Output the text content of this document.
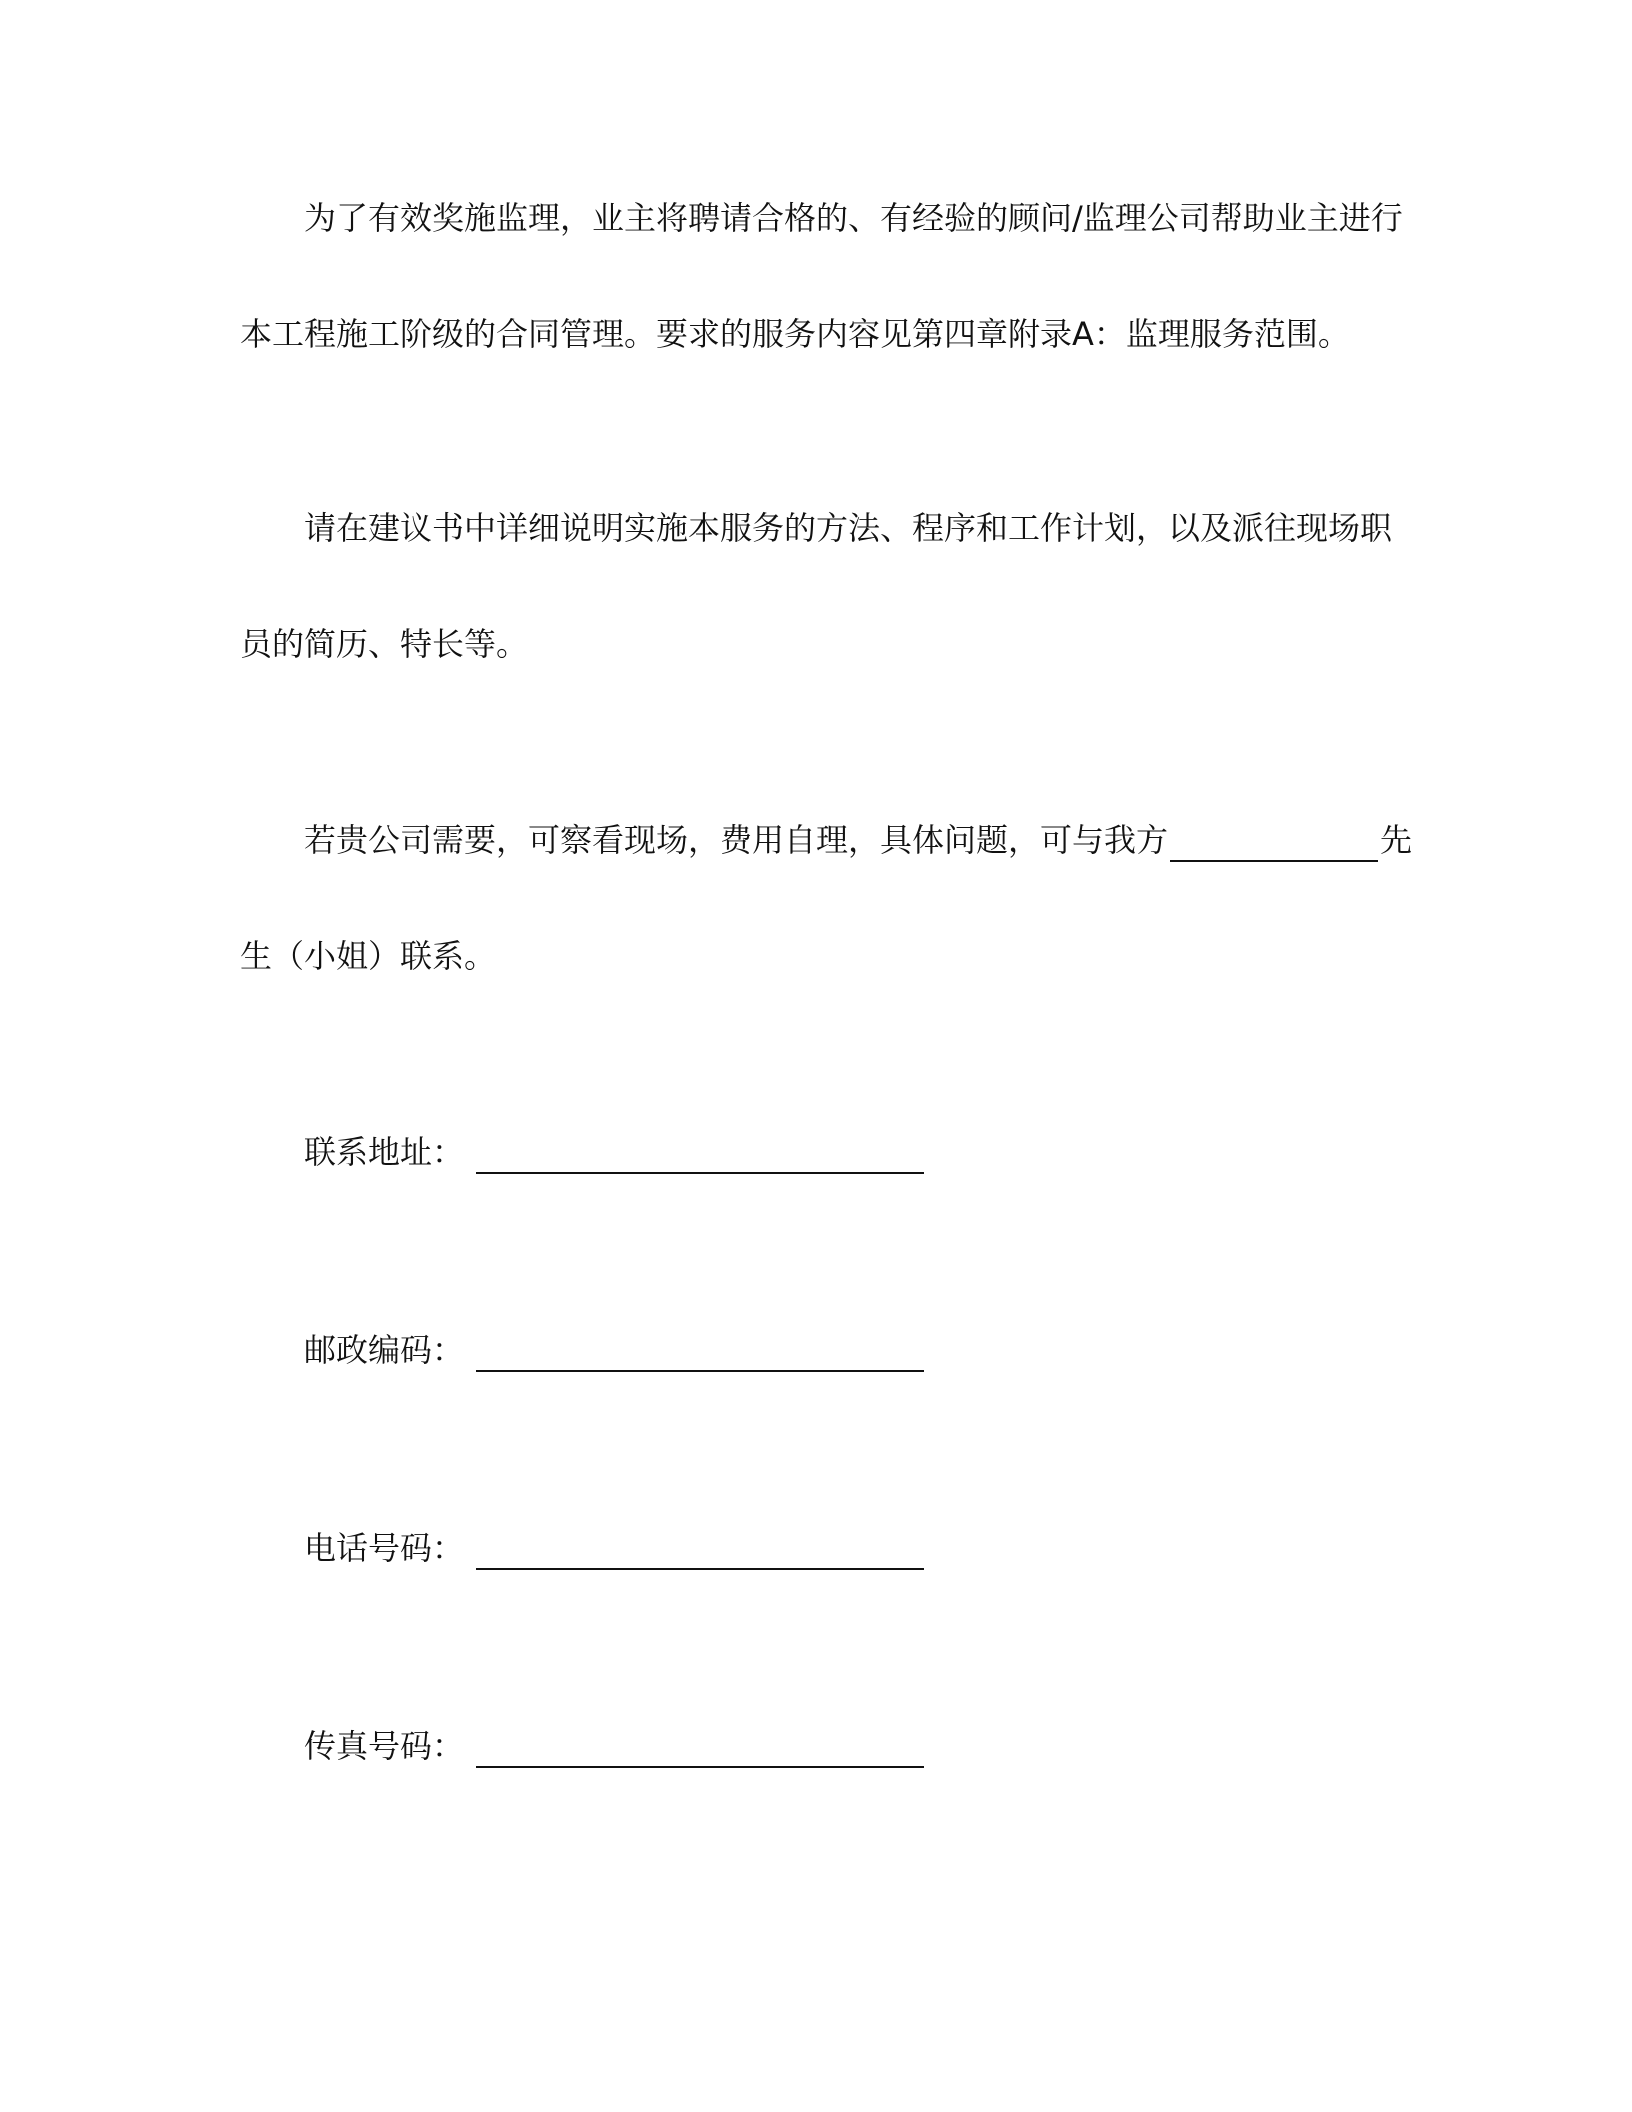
为了有效奖施监理，业主将聘请合格的、有经验的顾问/监理公司帮助业主进行
本工程施工阶级的合同管理。要求的服务内容见第四章附录A：监理服务范围。
请在建议书中详细说明实施本服务的方法、程序和工作计划，以及派往现场职
员的简历、特长等。
若贵公司需要，可察看现场，费用自理，具体问题，可与我方	先
生（小姐）联系。
联系地址：
邮政编码：
电话号码：
传真号码：
